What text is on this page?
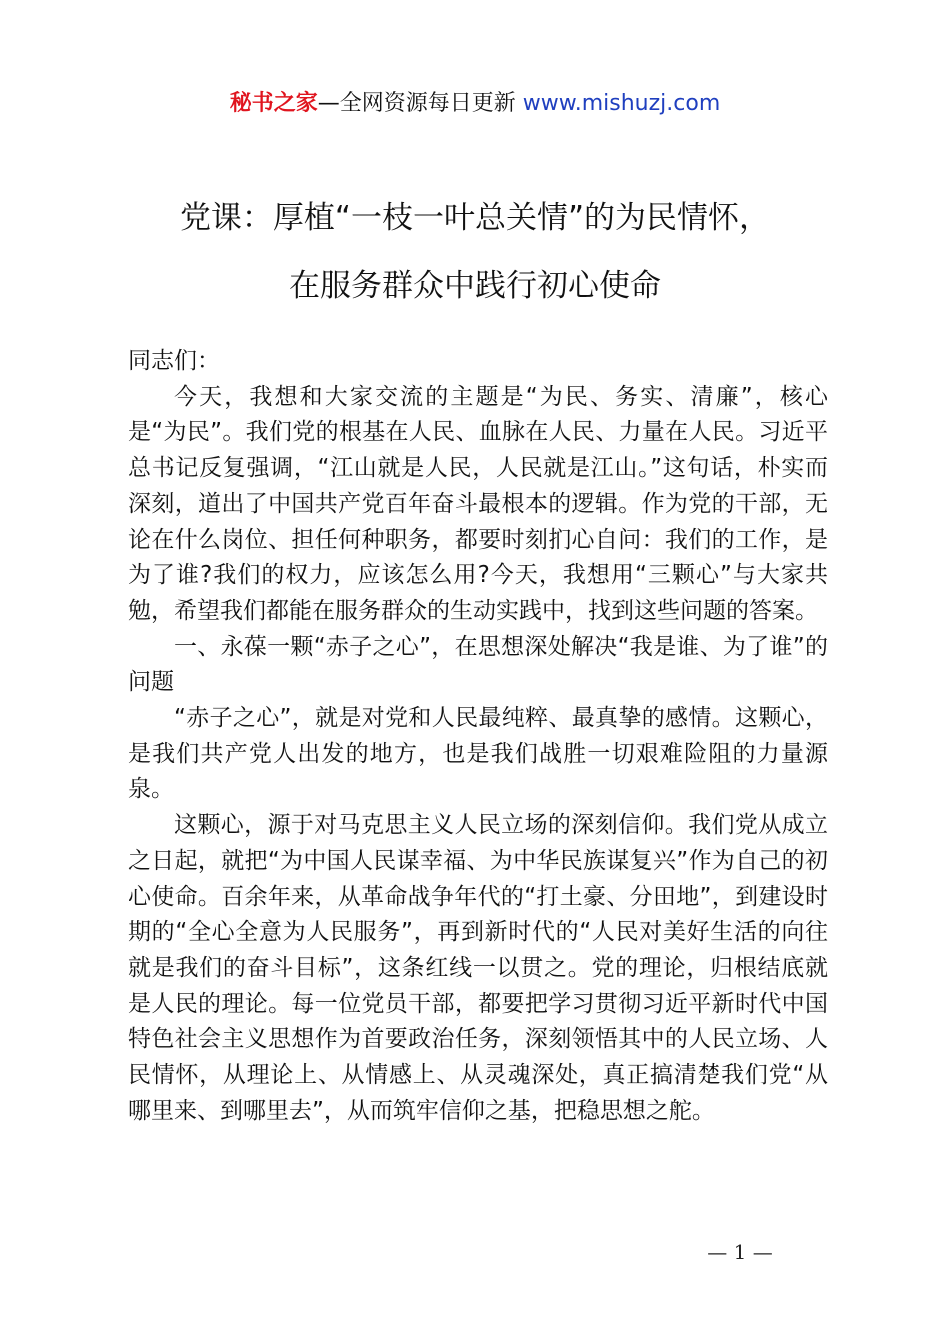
秘书之家—全网资源每日更新 www.mishuzj.com
党课：厚植“一枝一叶总关情”的为民情怀，
在服务群众中践行初心使命

同志们：

今天，我想和大家交流的主题是“为民、务实、清廉”，核心是“为民”。我们党的根基在人民、血脉在人民、力量在人民。习近平总书记反复强调，“江山就是人民，人民就是江山。”这句话，朴实而深刻，道出了中国共产党百年奋斗最根本的逻辑。作为党的干部，无论在什么岗位、担任何种职务，都要时刻扪心自问：我们的工作，是为了谁?我们的权力，应该怎么用?今天，我想用“三颗心”与大家共勉，希望我们都能在服务群众的生动实践中，找到这些问题的答案。

一、永葆一颗“赤子之心”，在思想深处解决“我是谁、为了谁”的问题

“赤子之心”，就是对党和人民最纯粹、最真挚的感情。这颗心，是我们共产党人出发的地方，也是我们战胜一切艰难险阻的力量源泉。

这颗心，源于对马克思主义人民立场的深刻信仰。我们党从成立之日起，就把“为中国人民谋幸福、为中华民族谋复兴”作为自己的初心使命。百余年来，从革命战争年代的“打土豪、分田地”，到建设时期的“全心全意为人民服务”，再到新时代的“人民对美好生活的向往就是我们的奋斗目标”，这条红线一以贯之。党的理论，归根结底就是人民的理论。每一位党员干部，都要把学习贯彻习近平新时代中国特色社会主义思想作为首要政治任务，深刻领悟其中的人民立场、人民情怀，从理论上、从情感上、从灵魂深处，真正搞清楚我们党“从哪里来、到哪里去”，从而筑牢信仰之基，把稳思想之舵。

— 1 —
